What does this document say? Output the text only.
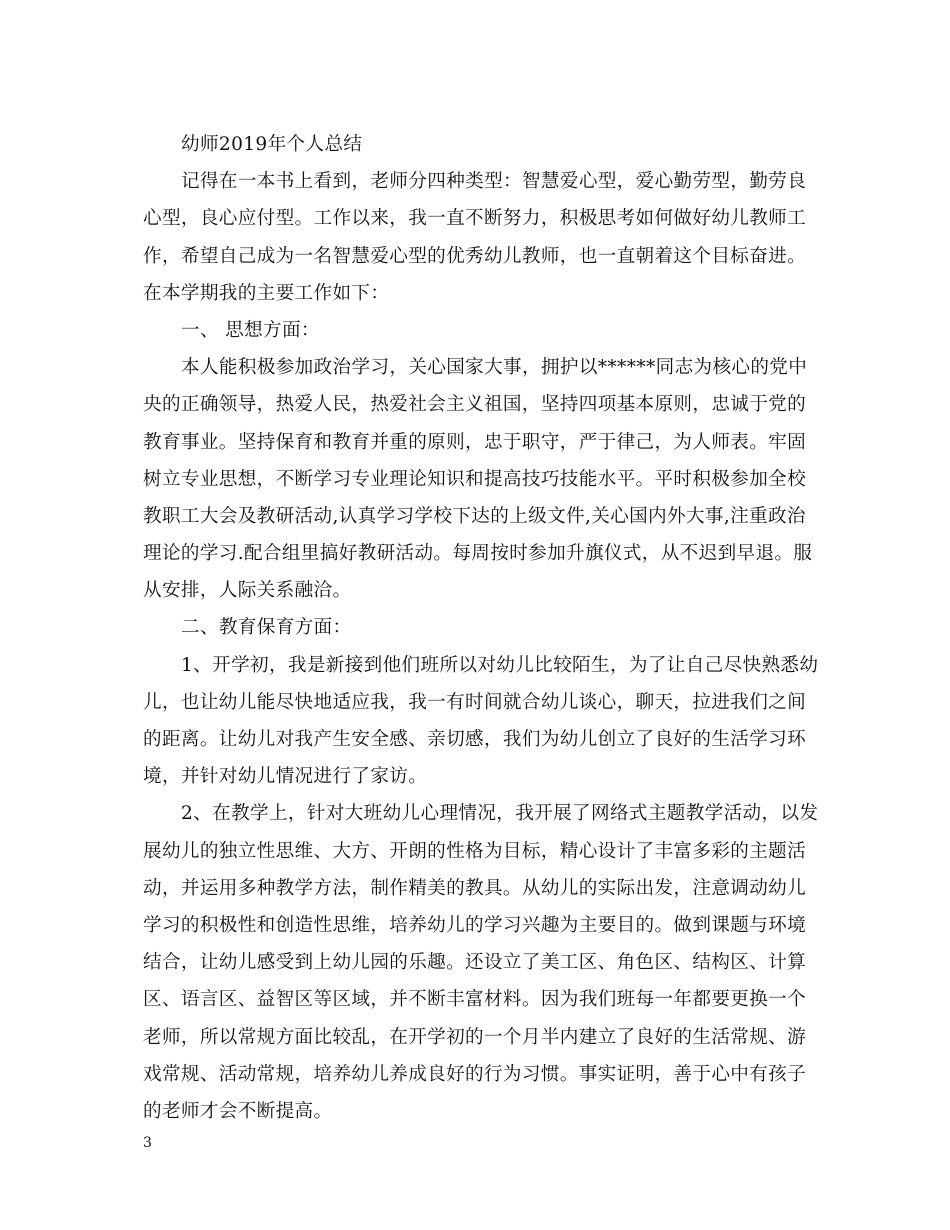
幼师2019年个人总结
记得在一本书上看到，老师分四种类型：智慧爱心型，爱心勤劳型，勤劳良
心型，良心应付型。工作以来，我一直不断努力，积极思考如何做好幼儿教师工
作，希望自己成为一名智慧爱心型的优秀幼儿教师，也一直朝着这个目标奋进。
在本学期我的主要工作如下：
一、 思想方面：
本人能积极参加政治学习，关心国家大事，拥护以******同志为核心的党中
央的正确领导，热爱人民，热爱社会主义祖国，坚持四项基本原则，忠诚于党的
教育事业。坚持保育和教育并重的原则，忠于职守，严于律己，为人师表。牢固
树立专业思想，不断学习专业理论知识和提高技巧技能水平。平时积极参加全校
教职工大会及教研活动,认真学习学校下达的上级文件,关心国内外大事,注重政治
理论的学习.配合组里搞好教研活动。每周按时参加升旗仪式，从不迟到早退。服
从安排，人际关系融洽。
二、教育保育方面：
1、开学初，我是新接到他们班所以对幼儿比较陌生，为了让自己尽快熟悉幼
儿，也让幼儿能尽快地适应我，我一有时间就合幼儿谈心，聊天，拉进我们之间
的距离。让幼儿对我产生安全感、亲切感，我们为幼儿创立了良好的生活学习环
境，并针对幼儿情况进行了家访。
2、在教学上，针对大班幼儿心理情况，我开展了网络式主题教学活动，以发
展幼儿的独立性思维、大方、开朗的性格为目标，精心设计了丰富多彩的主题活
动，并运用多种教学方法，制作精美的教具。从幼儿的实际出发，注意调动幼儿
学习的积极性和创造性思维，培养幼儿的学习兴趣为主要目的。做到课题与环境
结合，让幼儿感受到上幼儿园的乐趣。还设立了美工区、角色区、结构区、计算
区、语言区、益智区等区域，并不断丰富材料。因为我们班每一年都要更换一个
老师，所以常规方面比较乱，在开学初的一个月半内建立了良好的生活常规、游
戏常规、活动常规，培养幼儿养成良好的行为习惯。事实证明，善于心中有孩子
的老师才会不断提高。
3
